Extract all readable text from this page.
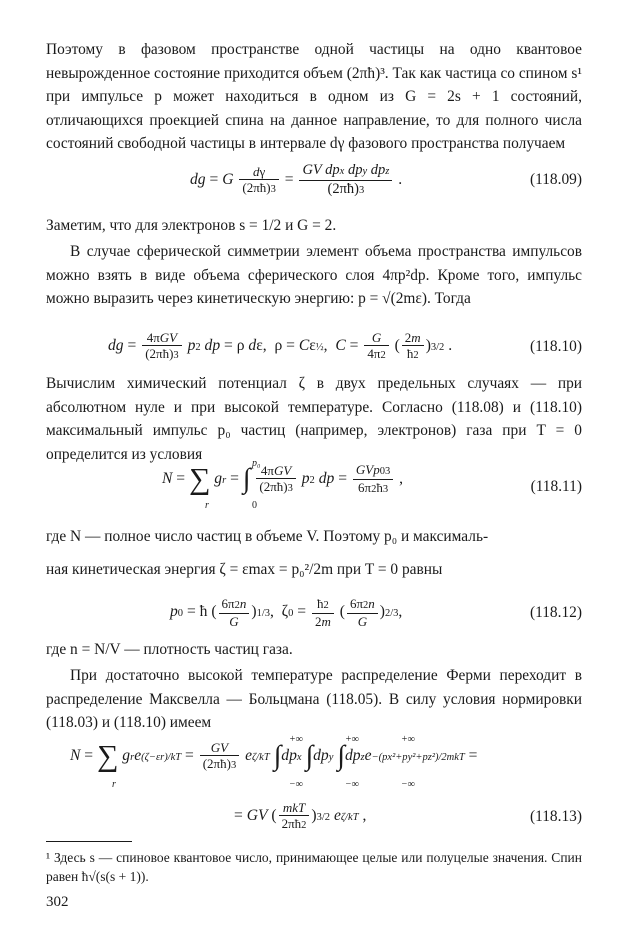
Поэтому в фазовом пространстве одной частицы на одно квантовое невырожденное состояние приходится объем (2πħ)³. Так как частица со спином s¹ при импульсе p может находиться в одном из G = 2s + 1 состояний, отличающихся проекцией спина на данное направление, то для полного числа состояний свободной частицы в интервале dγ фазового пространства получаем
dg = G $\frac{d\gamma}{(2\pi ħ)3} = \frac{\text{GV dpx dpy dpz}}{(2\pi ħ)3}$ .	(118.09)
Заметим, что для электронов s = 1/2 и G = 2.
В случае сферической симметрии элемент объема пространства импульсов можно взять в виде объема сферического слоя 4πp²dp. Кроме того, импульс можно выразить через кинетическую энергию: p = √(2mε). Тогда
dg = $\frac{\text{4πGV}}{(2\pi ħ)3} p2$ dp = ρ dε,  ρ = Cε½,  $C = \frac{G}{4\pi 2}$ ( $\frac{2m}{ħ2} )3/2$ .	(118.10)
Вычислим химический потенциал ζ в двух предельных случаях — при абсолютном нуле и при высокой температуре. Согласно (118.08) и (118.10) максимальный импульс p₀ частиц (например, электронов) газа при T = 0 определится из условия
N = ∑ gr = ∫ $\frac{\text{4πGV}}{(2\pi ħ)3} p2$ dp = $\frac{\text{GVp03}}{6\pi 2ħ3}$ ,
r
p₀
0
(118.11)
где N — полное число частиц в объеме V. Поэтому p₀ и максималь-
ная кинетическая энергия ζ = εmax = p₀²/2m при T = 0 равны
p0 = ħ ( $\frac{6\pi 2n}{G} )1/3$,  $\zeta 0 = \frac{ħ2}{2m}$ ( $\frac{6\pi 2n}{G} )2/3$,	(118.12)
где n = N/V — плотность частиц газа.
При достаточно высокой температуре распределение Ферми переходит в распределение Максвелла — Больцмана (118.05). В силу условия нормировки (118.03) и (118.10) имеем
N = ∑ $gre(\zeta-\varepsilon r)/kT = \frac{GV}{(2\pi ħ)3} e\zeta/kT$ ∫dpx ∫dpy ∫dpze−(px²+py²+pz²)/2mkT =
r
+∞
−∞
+∞
−∞
+∞
−∞
= GV ( $\frac{\text{mkT}}{2\pi ħ2} )3/2$ eζ/kT ,	(118.13)
¹ Здесь s — спиновое квантовое число, принимающее целые или полуцелые значения. Спин равен ħ√(s(s + 1)).
302
